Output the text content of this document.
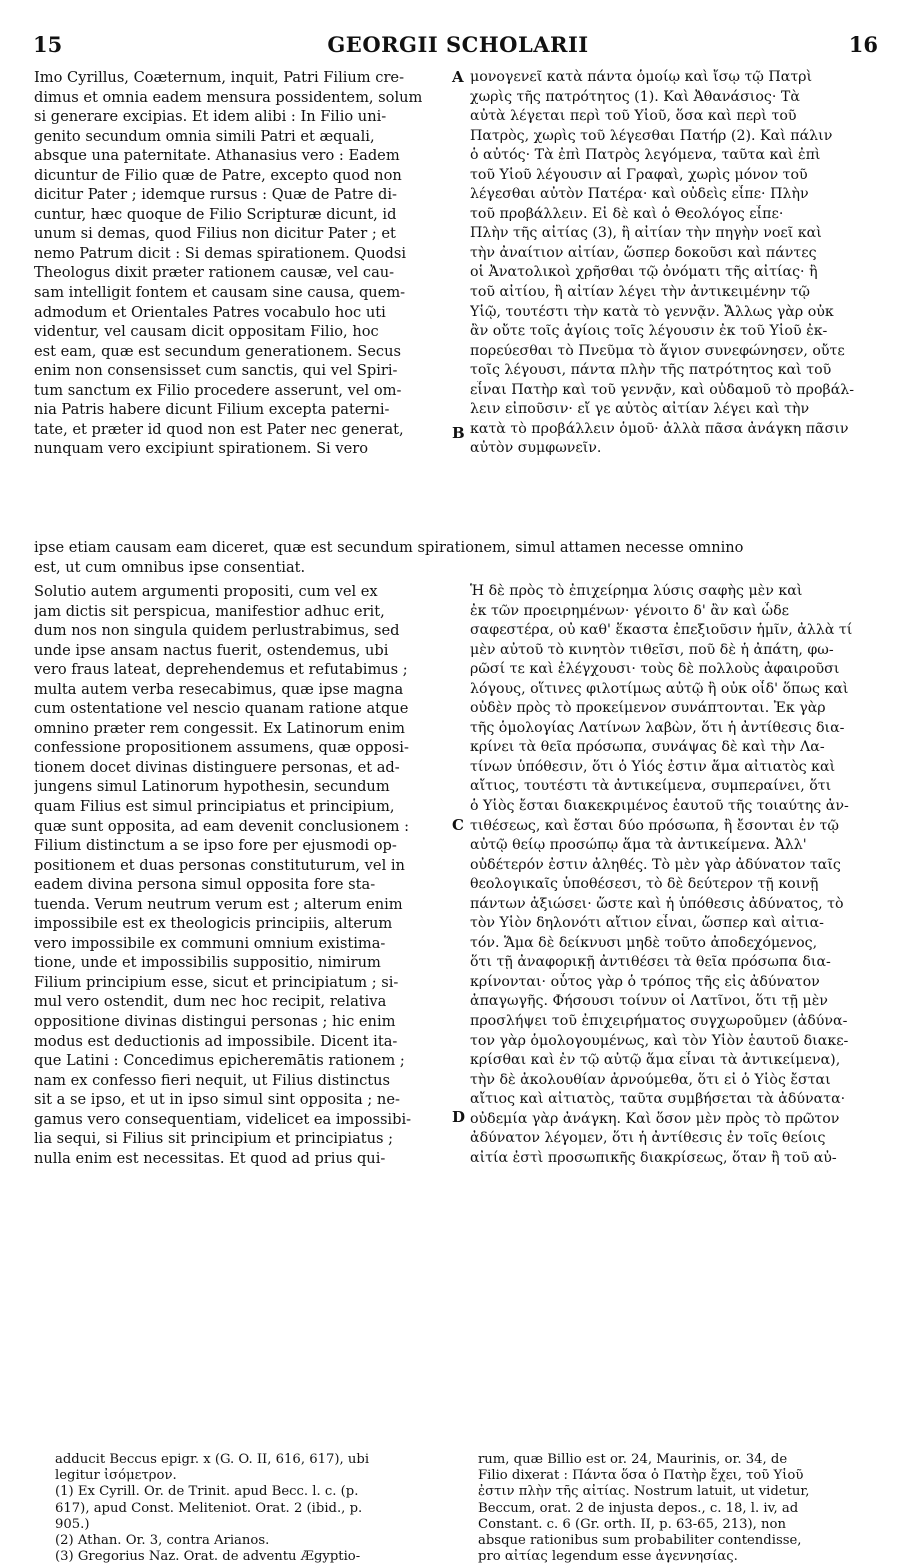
15	GEORGII SCHOLARII	16
A
B
C
D
Imo Cyrillus, Coæternum, inquit, Patri Filium cre-
dimus et omnia eadem mensura possidentem, solum
si generare excipias. Et idem alibi : In Filio uni-
genito secundum omnia simili Patri et æquali,
absque una paternitate. Athanasius vero : Eadem
dicuntur de Filio quæ de Patre, excepto quod non
dicitur Pater ; idemque rursus : Quæ de Patre di-
cuntur, hæc quoque de Filio Scripturæ dicunt, id
unum si demas, quod Filius non dicitur Pater ; et
nemo Patrum dicit : Si demas spirationem. Quodsi
Theologus dixit præter rationem causæ, vel cau-
sam intelligit fontem et causam sine causa, quem-
admodum et Orientales Patres vocabulo hoc uti
videntur, vel causam dicit oppositam Filio, hoc
est eam, quæ est secundum generationem. Secus
enim non consensisset cum sanctis, qui vel Spiri-
tum sanctum ex Filio procedere asserunt, vel om-
nia Patris habere dicunt Filium excepta paterni-
tate, et præter id quod non est Pater nec generat,
nunquam vero excipiunt spirationem. Si vero
μονογενεῖ κατὰ πάντα ὁμοίῳ καὶ ἴσῳ τῷ Πατρὶ
χωρὶς τῆς πατρότητος (1). Καὶ Ἀθανάσιος· Τὰ
αὐτὰ λέγεται περὶ τοῦ Υἱοῦ, ὅσα καὶ περὶ τοῦ
Πατρὸς, χωρὶς τοῦ λέγεσθαι Πατήρ (2). Καὶ πάλιν
ὁ αὐτός· Τὰ ἐπὶ Πατρὸς λεγόμενα, ταῦτα καὶ ἐπὶ
τοῦ Υἱοῦ λέγουσιν αἱ Γραφαὶ, χωρὶς μόνον τοῦ
λέγεσθαι αὐτὸν Πατέρα· καὶ οὐδεὶς εἶπε· Πλὴν
τοῦ προβάλλειν. Εἰ δὲ καὶ ὁ Θεολόγος εἶπε·
Πλὴν τῆς αἰτίας (3), ἢ αἰτίαν τὴν πηγὴν νοεῖ καὶ
τὴν ἀναίτιον αἰτίαν, ὥσπερ δοκοῦσι καὶ πάντες
οἱ Ἀνατολικοὶ χρῆσθαι τῷ ὀνόματι τῆς αἰτίας· ἢ
τοῦ αἰτίου, ἢ αἰτίαν λέγει τὴν ἀντικειμένην τῷ
Υἱῷ, τουτέστι τὴν κατὰ τὸ γεννᾷν. Ἄλλως γὰρ οὐκ
ἂν οὔτε τοῖς ἁγίοις τοῖς λέγουσιν ἐκ τοῦ Υἱοῦ ἐκ-
πορεύεσθαι τὸ Πνεῦμα τὸ ἅγιον συνεφώνησεν, οὔτε
τοῖς λέγουσι, πάντα πλὴν τῆς πατρότητος καὶ τοῦ
εἶναι Πατὴρ καὶ τοῦ γεννᾷν, καὶ οὐδαμοῦ τὸ προβάλ-
λειν εἰποῦσιν· εἴ γε αὐτὸς αἰτίαν λέγει καὶ τὴν
κατὰ τὸ προβάλλειν ὁμοῦ· ἀλλὰ πᾶσα ἀνάγκη πᾶσιν
αὐτὸν συμφωνεῖν.
ipse etiam causam eam diceret, quæ est secundum spirationem, simul attamen necesse omnino
est, ut cum omnibus ipse consentiat.
Solutio autem argumenti propositi, cum vel ex
jam dictis sit perspicua, manifestior adhuc erit,
dum nos non singula quidem perlustrabimus, sed
unde ipse ansam nactus fuerit, ostendemus, ubi
vero fraus lateat, deprehendemus et refutabimus ;
multa autem verba resecabimus, quæ ipse magna
cum ostentatione vel nescio quanam ratione atque
omnino præter rem congessit. Ex Latinorum enim
confessione propositionem assumens, quæ opposi-
tionem docet divinas distinguere personas, et ad-
jungens simul Latinorum hypothesin, secundum
quam Filius est simul principiatus et principium,
quæ sunt opposita, ad eam devenit conclusionem :
Filium distinctum a se ipso fore per ejusmodi op-
positionem et duas personas constituturum, vel in
eadem divina persona simul opposita fore sta-
tuenda. Verum neutrum verum est ; alterum enim
impossibile est ex theologicis principiis, alterum
vero impossibile ex communi omnium existima-
tione, unde et impossibilis suppositio, nimirum
Filium principium esse, sicut et principiatum ; si-
mul vero ostendit, dum nec hoc recipit, relativa
oppositione divinas distingui personas ; hic enim
modus est deductionis ad impossibile. Dicent ita-
que Latini : Concedimus epicheremātis rationem ;
nam ex confesso fieri nequit, ut Filius distinctus
sit a se ipso, et ut in ipso simul sint opposita ; ne-
gamus vero consequentiam, videlicet ea impossibi-
lia sequi, si Filius sit principium et principiatus ;
nulla enim est necessitas. Et quod ad prius qui-
Ἡ δὲ πρὸς τὸ ἐπιχείρημα λύσις σαφὴς μὲν καὶ
ἐκ τῶν προειρημένων· γένοιτο δ' ἂν καὶ ὧδε
σαφεστέρα, οὐ καθ' ἕκαστα ἐπεξιοῦσιν ἡμῖν, ἀλλὰ τί
μὲν αὐτοῦ τὸ κινητὸν τιθεῖσι, ποῦ δὲ ἡ ἀπάτη, φω-
ρῶσί τε καὶ ἐλέγχουσι· τοὺς δὲ πολλοὺς ἀφαιροῦσι
λόγους, οἵτινες φιλοτίμως αὐτῷ ἢ οὐκ οἶδ' ὅπως καὶ
οὐδὲν πρὸς τὸ προκείμενον συνάπτονται. Ἐκ γὰρ
τῆς ὁμολογίας Λατίνων λαβὼν, ὅτι ἡ ἀντίθεσις δια-
κρίνει τὰ θεῖα πρόσωπα, συνάψας δὲ καὶ τὴν Λα-
τίνων ὑπόθεσιν, ὅτι ὁ Υἱός ἐστιν ἅμα αἰτιατὸς καὶ
αἴτιος, τουτέστι τὰ ἀντικείμενα, συμπεραίνει, ὅτι
ὁ Υἱὸς ἔσται διακεκριμένος ἑαυτοῦ τῆς τοιαύτης ἀν-
τιθέσεως, καὶ ἔσται δύο πρόσωπα, ἢ ἔσονται ἐν τῷ
αὐτῷ θείῳ προσώπῳ ἅμα τὰ ἀντικείμενα. Ἀλλ'
οὐδέτερόν ἐστιν ἀληθές. Τὸ μὲν γὰρ ἀδύνατον ταῖς
θεολογικαῖς ὑποθέσεσι, τὸ δὲ δεύτερον τῇ κοινῇ
πάντων ἀξιώσει· ὥστε καὶ ἡ ὑπόθεσις ἀδύνατος, τὸ
τὸν Υἱὸν δηλονότι αἴτιον εἶναι, ὥσπερ καὶ αἰτια-
τόν. Ἅμα δὲ δείκνυσι μηδὲ τοῦτο ἀποδεχόμενος,
ὅτι τῇ ἀναφορικῇ ἀντιθέσει τὰ θεῖα πρόσωπα δια-
κρίνονται· οὗτος γὰρ ὁ τρόπος τῆς εἰς ἀδύνατον
ἀπαγωγῆς. Φήσουσι τοίνυν οἱ Λατῖνοι, ὅτι τῇ μὲν
προσλήψει τοῦ ἐπιχειρήματος συγχωροῦμεν (ἀδύνα-
τον γὰρ ὁμολογουμένως, καὶ τὸν Υἱὸν ἑαυτοῦ διακε-
κρίσθαι καὶ ἐν τῷ αὐτῷ ἅμα εἶναι τὰ ἀντικείμενα),
τὴν δὲ ἀκολουθίαν ἀρνούμεθα, ὅτι εἰ ὁ Υἱὸς ἔσται
αἴτιος καὶ αἰτιατὸς, ταῦτα συμβήσεται τὰ ἀδύνατα·
οὐδεμία γὰρ ἀνάγκη. Καὶ ὅσον μὲν πρὸς τὸ πρῶτον
ἀδύνατον λέγομεν, ὅτι ἡ ἀντίθεσις ἐν τοῖς θείοις
αἰτία ἐστὶ προσωπικῆς διακρίσεως, ὅταν ἢ τοῦ αὐ-
adducit Beccus epigr. x (G. O. II, 616, 617), ubi
legitur ἰσόμετρον.
(1) Ex Cyrill. Or. de Trinit. apud Becc. l. c. (p.
617), apud Const. Meliteniot. Orat. 2 (ibid., p.
905.)
(2) Athan. Or. 3, contra Arianos.
(3) Gregorius Naz. Orat. de adventu Ægyptio-
rum, quæ Billio est or. 24, Maurinis, or. 34, de
Filio dixerat : Πάντα ὅσα ὁ Πατὴρ ἔχει, τοῦ Υἱοῦ
ἐστιν πλὴν τῆς αἰτίας. Nostrum latuit, ut videtur,
Beccum, orat. 2 de injusta depos., c. 18, l. iv, ad
Constant. c. 6 (Gr. orth. II, p. 63-65, 213), non
absque rationibus sum probabiliter contendisse,
pro αἰτίας legendum esse ἀγεννησίας.
